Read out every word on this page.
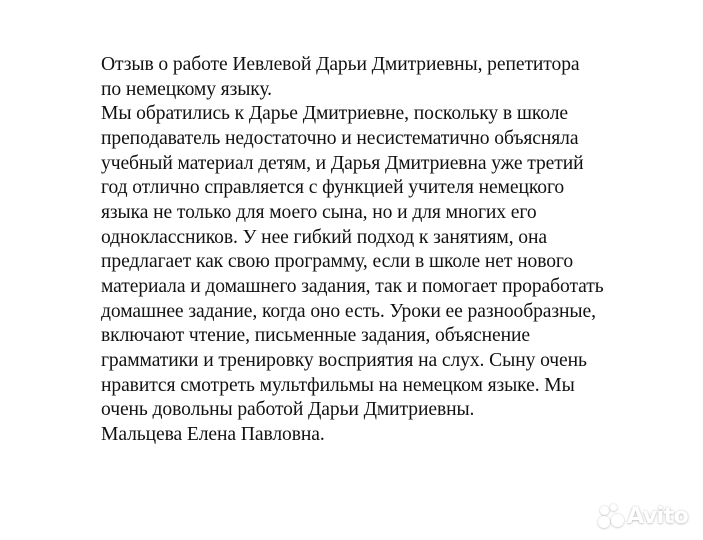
Отзыв о работе Иевлевой Дарьи Дмитриевны, репетитора
по немецкому языку.
Мы обратились к Дарье Дмитриевне, поскольку в школе
преподаватель недостаточно и несистематично объясняла
учебный материал детям, и Дарья Дмитриевна уже третий
год отлично справляется с функцией учителя немецкого
языка не только для моего сына, но и для многих его
одноклассников. У нее гибкий подход к занятиям, она
предлагает как свою программу, если в школе нет нового
материала и домашнего задания, так и помогает проработать
домашнее задание, когда оно есть. Уроки ее разнообразные,
включают чтение, письменные задания, объяснение
грамматики и тренировку восприятия на слух. Сыну очень
нравится смотреть мультфильмы на немецком языке. Мы
очень довольны работой Дарьи Дмитриевны.
Мальцева Елена Павловна.
Avito
